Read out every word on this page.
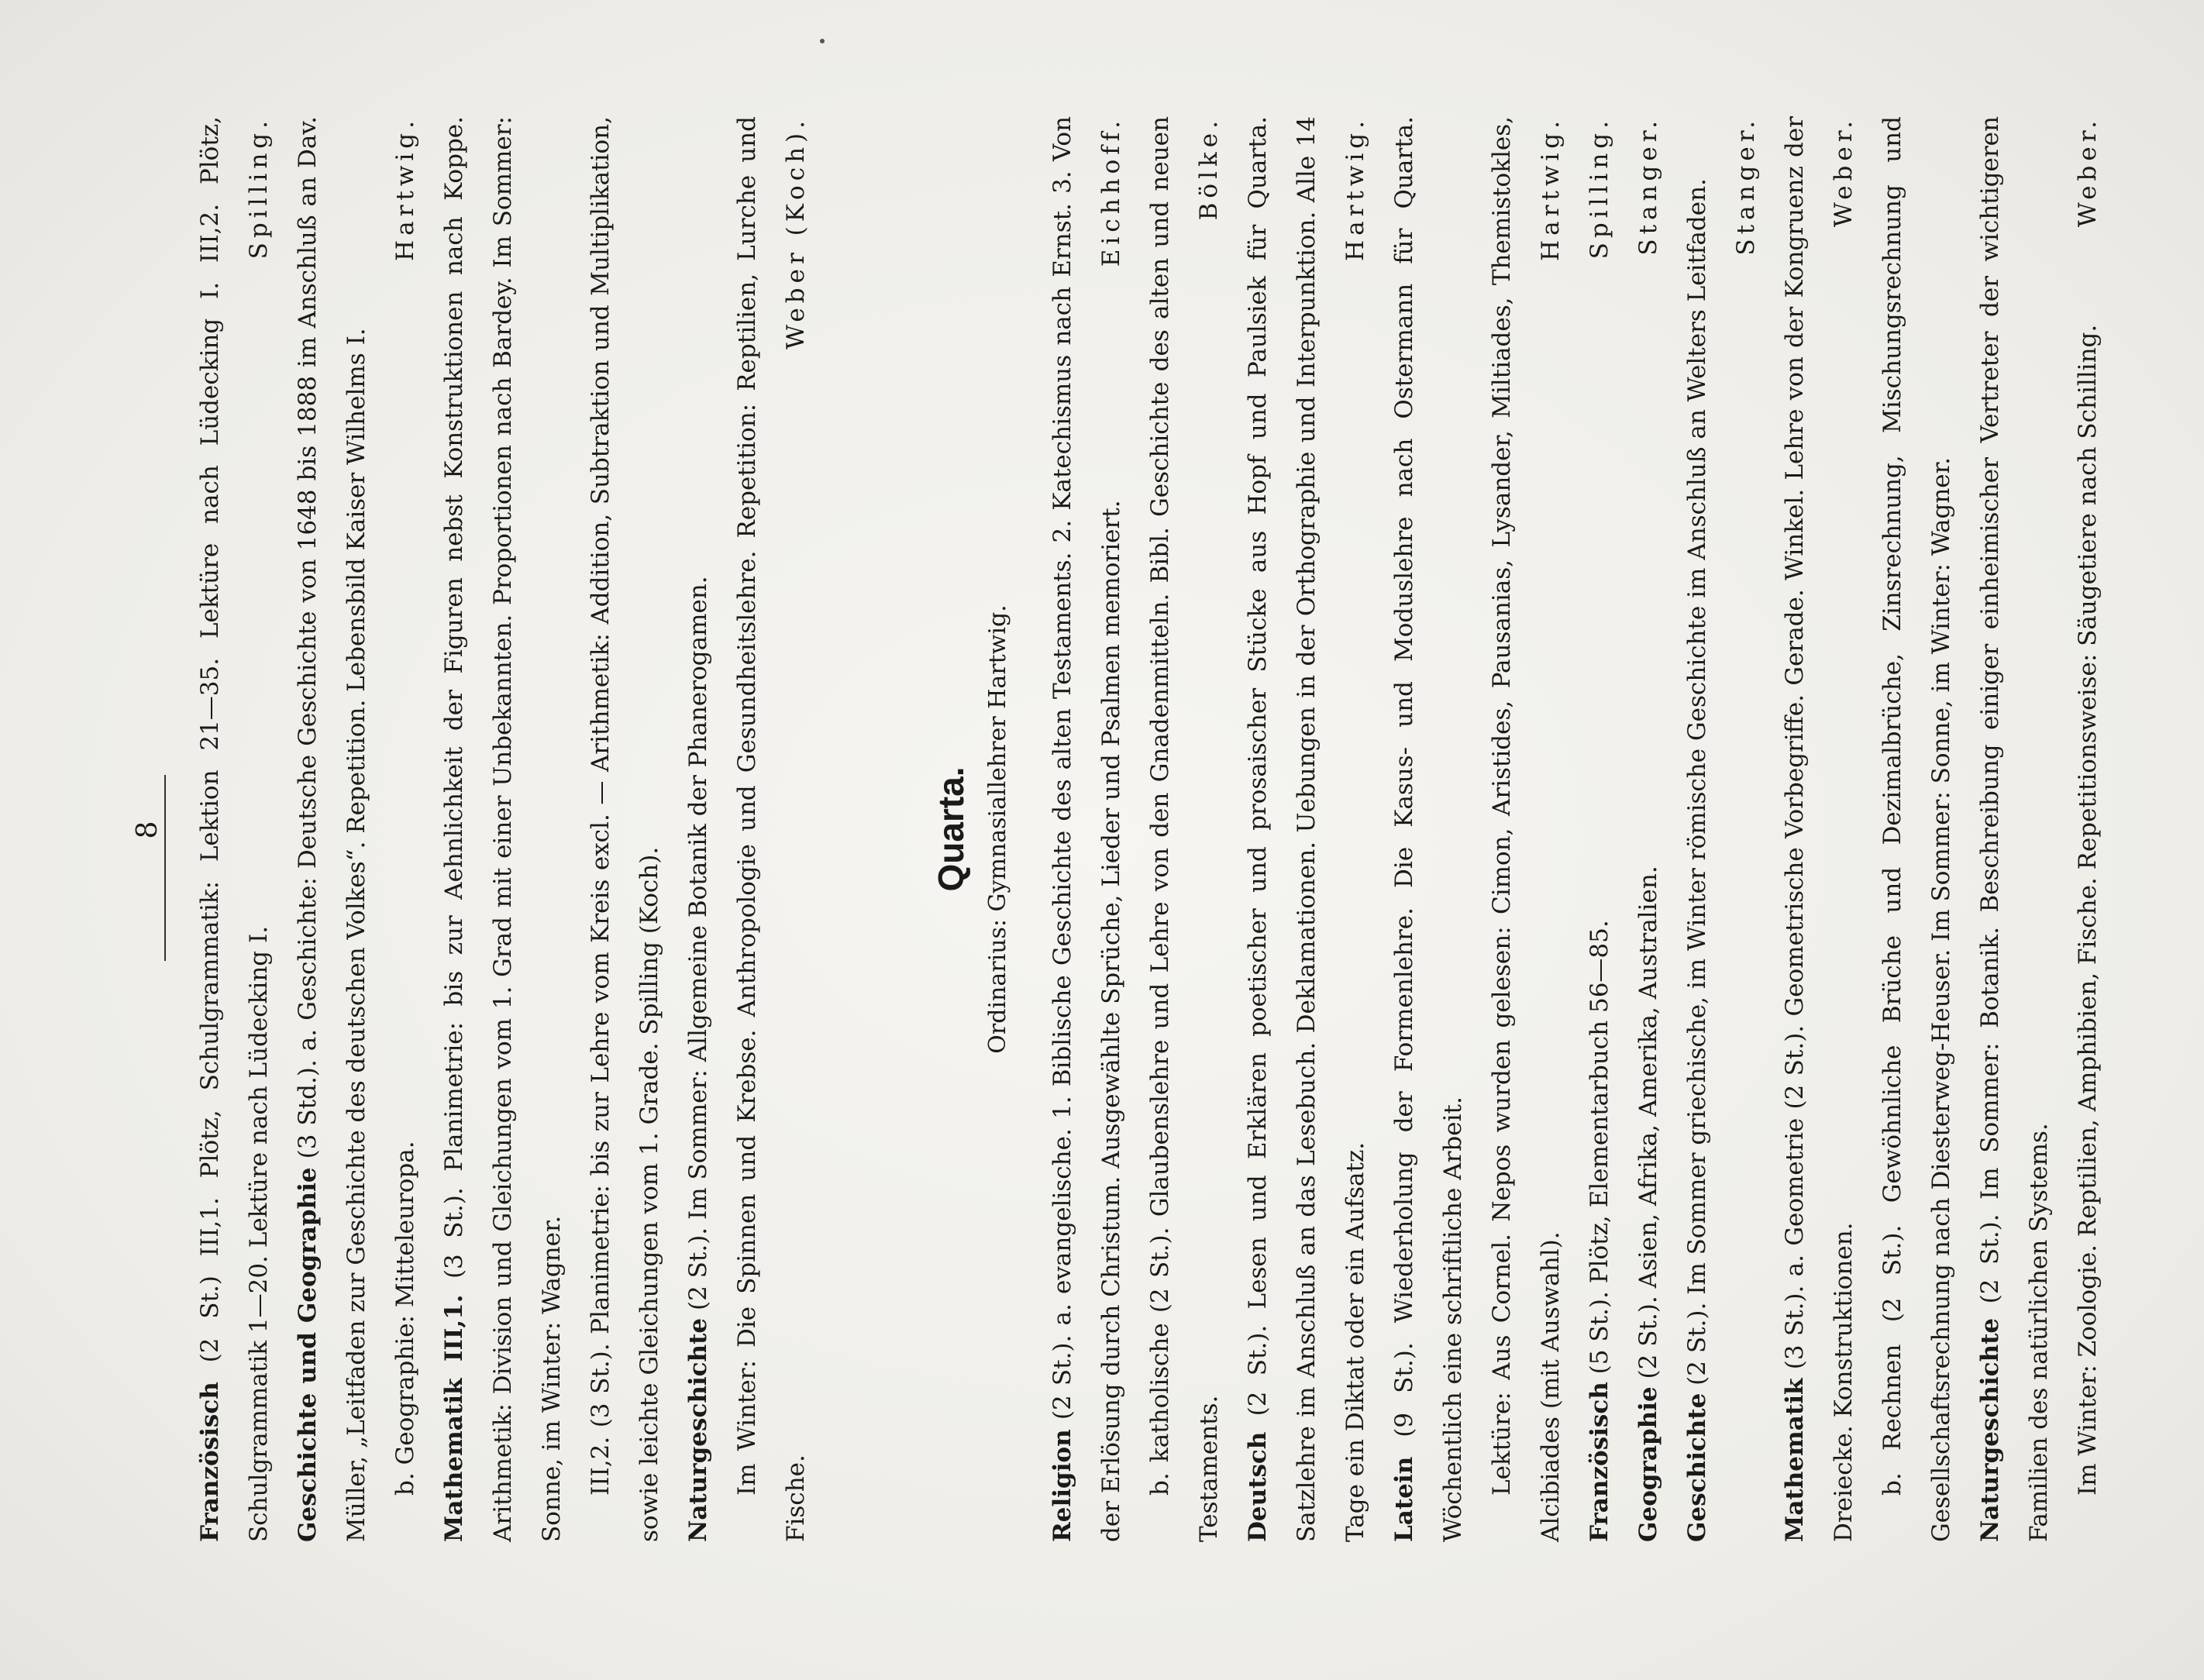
8
Französisch (2 St.) III,1. Plötz, Schulgrammatik: Lektion 21—35. Lektüre nach Lüdecking I. III,2. Plötz, Schulgrammatik 1—20. Lektüre nach Lüdecking I.
Spilling.
Geschichte und Geographie (3 Std.). a. Geschichte: Deutsche Geschichte von 1648 bis 1888 im Anschluß an Dav. Müller, „Leitfaden zur Geschichte des deutschen Volkes“. Repetition. Lebensbild Kaiser Wilhelms I. b. Geographie: Mitteleuropa.
Hartwig.
Mathematik III,1. (3 St.). Planimetrie: bis zur Aehnlichkeit der Figuren nebst Konstruktionen nach Koppe. Arithmetik: Division und Gleichungen vom 1. Grad mit einer Unbekannten. Proportionen nach Bardey. Im Sommer: Sonne, im Winter: Wagner. III,2. (3 St.). Planimetrie: bis zur Lehre vom Kreis excl. — Arithmetik: Addition, Subtraktion und Multiplikation, sowie leichte Gleichungen vom 1. Grade. Spilling (Koch). Naturgeschichte (2 St.). Im Sommer: Allgemeine Botanik der Phanerogamen. Im Winter: Die Spinnen und Krebse. Anthropologie und Gesundheitslehre. Repetition: Reptilien, Lurche und Fische.
Weber (Koch).
Quarta. Ordinarius: Gymnasiallehrer Hartwig.
Religion (2 St.). a. evangelische. 1. Biblische Geschichte des alten Testaments. 2. Katechismus nach Ernst. 3. Von der Erlösung durch Christum. Ausgewählte Sprüche, Lieder und Psalmen memoriert.
Eichhoff. b. katholische (2 St.). Glaubenslehre und Lehre von den Gnadenmitteln. Bibl. Geschichte des alten und neuen Testaments.
Bölke.
Deutsch (2 St.). Lesen und Erklären poetischer und prosaischer Stücke aus Hopf und Paulsiek für Quarta. Satzlehre im Anschluß an das Lesebuch. Deklamationen. Uebungen in der Orthographie und Interpunktion. Alle 14 Tage ein Diktat oder ein Aufsatz.
Hartwig.
Latein (9 St.). Wiederholung der Formenlehre. Die Kasus- und Moduslehre nach Ostermann für Quarta. Wöchentlich eine schriftliche Arbeit. Lektüre: Aus Cornel. Nepos wurden gelesen: Cimon, Aristides, Pausanias, Lysander, Miltiades, Themistokles, Alcibiades (mit Auswahl).
Hartwig.
Französisch (5 St.). Plötz, Elementarbuch 56—85.
Spilling.
Geographie (2 St.). Asien, Afrika, Amerika, Australien.
Stanger.
Geschichte (2 St.). Im Sommer griechische, im Winter römische Geschichte im Anschluß an Welters Leitfaden. Stanger.
Mathematik (3 St.). a. Geometrie (2 St.). Geometrische Vorbegriffe. Gerade. Winkel. Lehre von der Kongruenz der Dreiecke. Konstruktionen.
Weber. b. Rechnen (2 St.). Gewöhnliche Brüche und Dezimalbrüche, Zinsrechnung, Mischungsrechnung und Gesellschaftsrechnung nach Diesterweg-Heuser. Im Sommer: Sonne, im Winter: Wagner. Naturgeschichte (2 St.). Im Sommer: Botanik. Beschreibung einiger einheimischer Vertreter der wichtigeren Familien des natürlichen Systems. Im Winter: Zoologie. Reptilien, Amphibien, Fische. Repetitionsweise: Säugetiere nach Schilling.
Weber.
